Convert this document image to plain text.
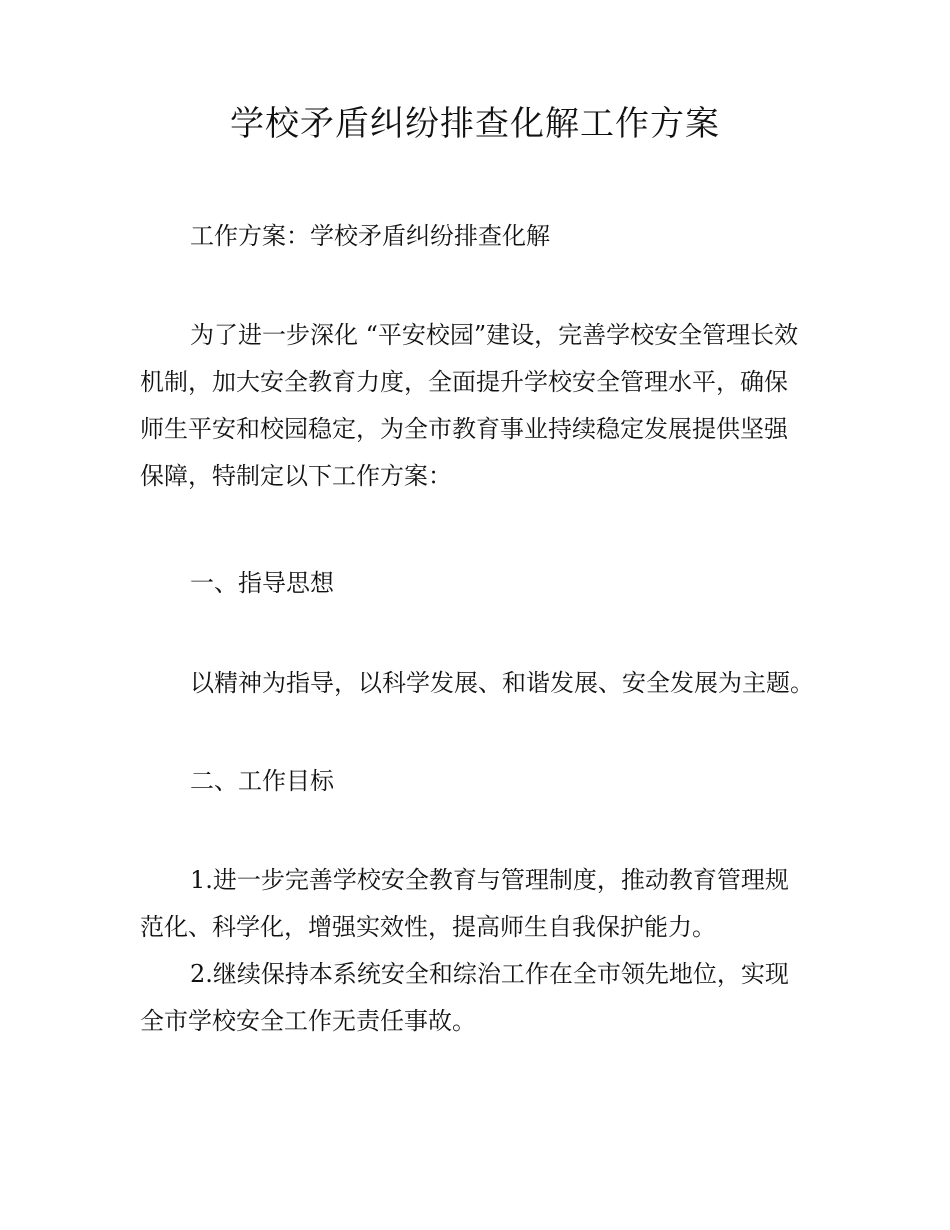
学校矛盾纠纷排查化解工作方案
工作方案：学校矛盾纠纷排查化解
为了进一步深化 “平安校园”建设，完善学校安全管理长效
机制，加大安全教育力度，全面提升学校安全管理水平，确保
师生平安和校园稳定，为全市教育事业持续稳定发展提供坚强
保障，特制定以下工作方案：
一、指导思想
以精神为指导，以科学发展、和谐发展、安全发展为主题。
二、工作目标
1.进一步完善学校安全教育与管理制度，推动教育管理规
范化、科学化，增强实效性，提高师生自我保护能力。
2.继续保持本系统安全和综治工作在全市领先地位，实现
全市学校安全工作无责任事故。
